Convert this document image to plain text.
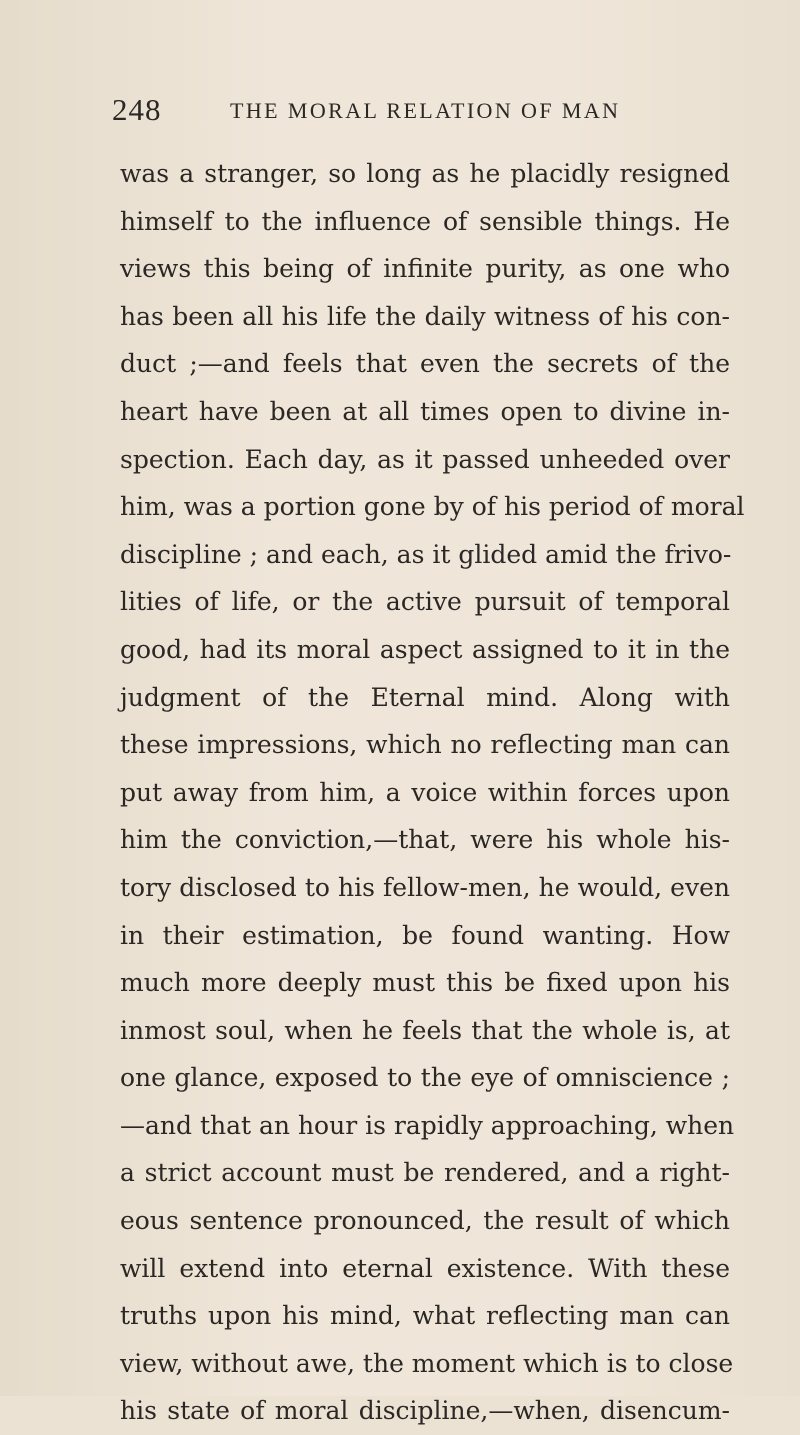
248	THE MORAL RELATION OF MAN
was a stranger, so long as he placidly resigned
himself to the influence of sensible things. He
views this being of infinite purity, as one who
has been all his life the daily witness of his con-
duct ;—and feels that even the secrets of the
heart have been at all times open to divine in-
spection. Each day, as it passed unheeded over
him, was a portion gone by of his period of moral
discipline ; and each, as it glided amid the frivo-
lities of life, or the active pursuit of temporal
good, had its moral aspect assigned to it in the
judgment of the Eternal mind. Along with
these impressions, which no reflecting man can
put away from him, a voice within forces upon
him the conviction,—that, were his whole his-
tory disclosed to his fellow-men, he would, even
in their estimation, be found wanting. How
much more deeply must this be fixed upon his
inmost soul, when he feels that the whole is, at
one glance, exposed to the eye of omniscience ;
—and that an hour is rapidly approaching, when
a strict account must be rendered, and a right-
eous sentence pronounced, the result of which
will extend into eternal existence. With these
truths upon his mind, what reflecting man can
view, without awe, the moment which is to close
his state of moral discipline,—when, disencum-
